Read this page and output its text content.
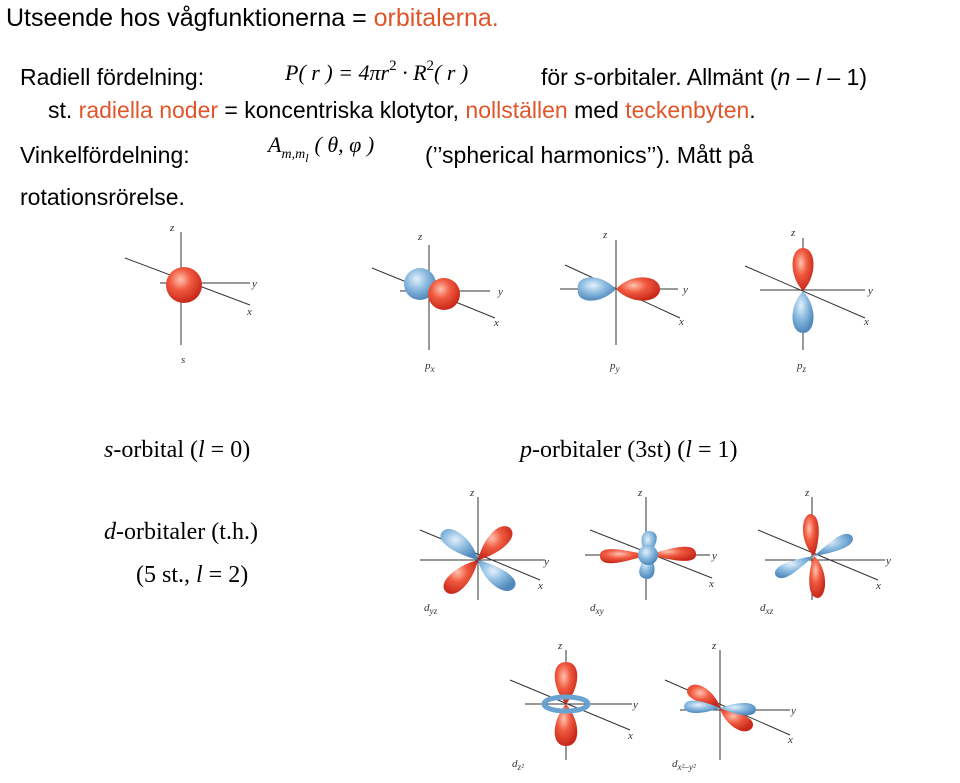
Utseende hos vågfunktionerna = orbitalerna.
Radiell fördelning:	P( r ) = $4\pi r^2 \cdot R^2$( r )	för s-orbitaler. Allmänt (n – l – 1)
st. radiella noder = koncentriska klotytor, nollställen med teckenbyten.
Vinkelfördelning:	$A_{m,ml}$( θ, φ ) (’’spherical harmonics’’). Mått på
rotationsrörelse.
z
y
x
z
y
x
z
y
x
z
y
x
z
y
x
z
y
x
z
y
x
z
y
x
z
y
x
s	$p_x$	$p_y$	$p_z$
$d_{yz}$	$d_{xy}$	$d_{xz}$
$d_{z^2}$	$d_{x^2-y^2}$
s-orbital (l = 0)	p-orbitaler (3st) (l = 1)
d-orbitaler (t.h.)
(5 st., l = 2)
